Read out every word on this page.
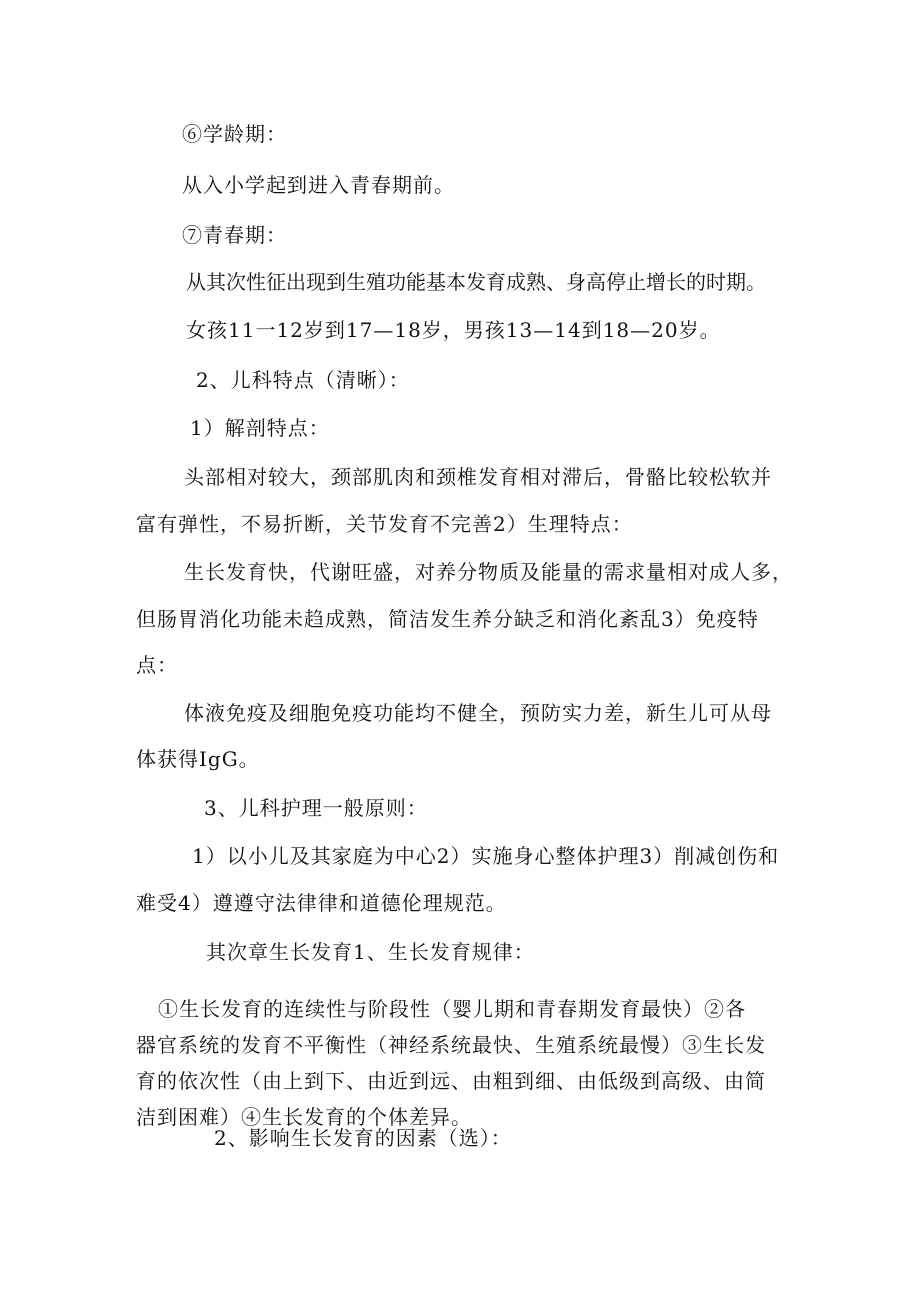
⑥学龄期：
从入小学起到进入青春期前。
⑦青春期：
从其次性征出现到生殖功能基本发育成熟、身高停止增长的时期。
女孩11一12岁到17—18岁，男孩13—14到18—20岁。
2、儿科特点（清晰）：
1）解剖特点：
头部相对较大，颈部肌肉和颈椎发育相对滞后，骨骼比较松软并
富有弹性，不易折断，关节发育不完善2）生理特点：
生长发育快，代谢旺盛，对养分物质及能量的需求量相对成人多，
但肠胃消化功能未趋成熟，简洁发生养分缺乏和消化紊乱3）免疫特
点：
体液免疫及细胞免疫功能均不健全，预防实力差，新生儿可从母
体获得IgG。
3、儿科护理一般原则：
1）以小儿及其家庭为中心2）实施身心整体护理3）削减创伤和
难受4）遵遵守法律律和道德伦理规范。
其次章生长发育1、生长发育规律：
①生长发育的连续性与阶段性（婴儿期和青春期发育最快）②各
器官系统的发育不平衡性（神经系统最快、生殖系统最慢）③生长发
育的依次性（由上到下、由近到远、由粗到细、由低级到高级、由简
洁到困难）④生长发育的个体差异。
2、影响生长发育的因素（选）：
